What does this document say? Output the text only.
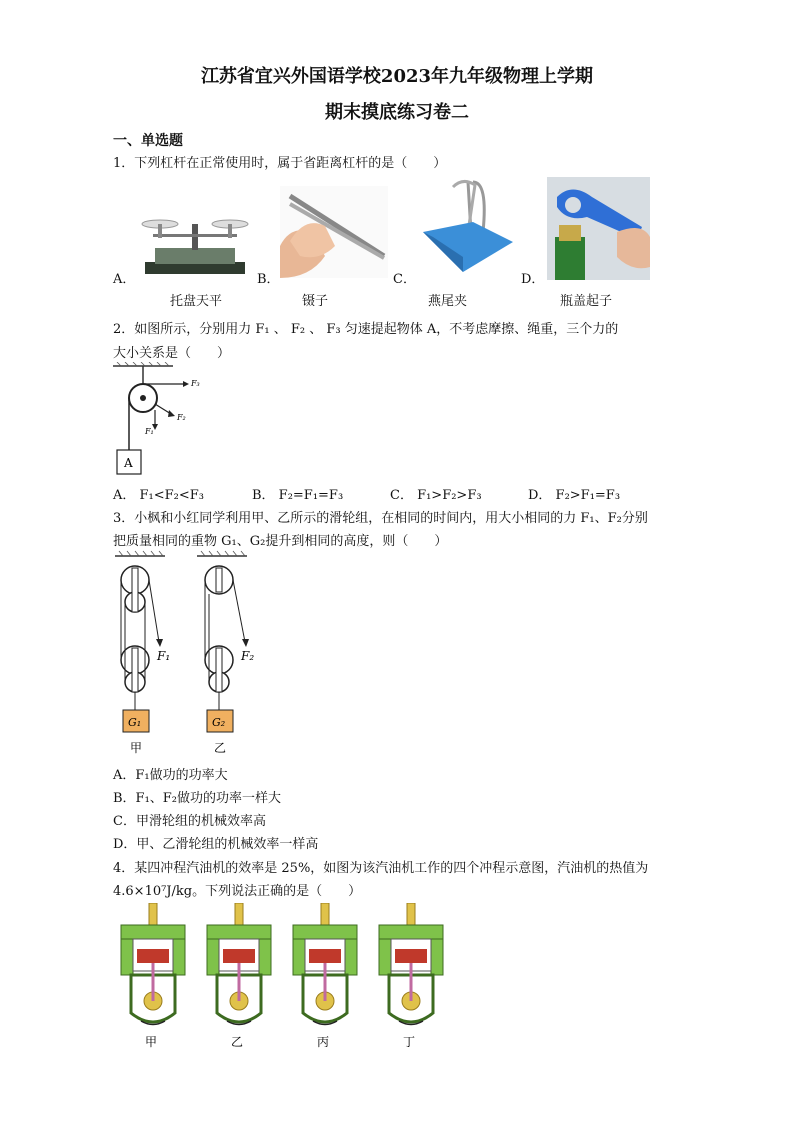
江苏省宜兴外国语学校2023年九年级物理上学期
期末摸底练习卷二
一、单选题
1．下列杠杆在正常使用时，属于省距离杠杆的是（　　）
A．
托盘天平
B．
镊子
C．
燕尾夹
D．
瓶盖起子
2．如图所示，分别用力 F₁ 、 F₂ 、 F₃ 匀速提起物体 A，不考虑摩擦、绳重，三个力的
大小关系是（　　）
F₃
F₂
F₁
A
A． F₁<F₂<F₃	B． F₂=F₁=F₃	C． F₁>F₂>F₃	D． F₂>F₁=F₃
3．小枫和小红同学利用甲、乙所示的滑轮组，在相同的时间内，用大小相同的力 F₁、F₂分别
把质量相同的重物 G₁、G₂提升到相同的高度，则（　　）
F₁
G₁
甲
F₂
G₂
乙
A．F₁做功的功率大
B．F₁、F₂做功的功率一样大
C．甲滑轮组的机械效率高
D．甲、乙滑轮组的机械效率一样高
4．某四冲程汽油机的效率是 25%，如图为该汽油机工作的四个冲程示意图，汽油机的热值为
4.6×10⁷J/kg。下列说法正确的是（　　）
甲	乙	丙	丁
